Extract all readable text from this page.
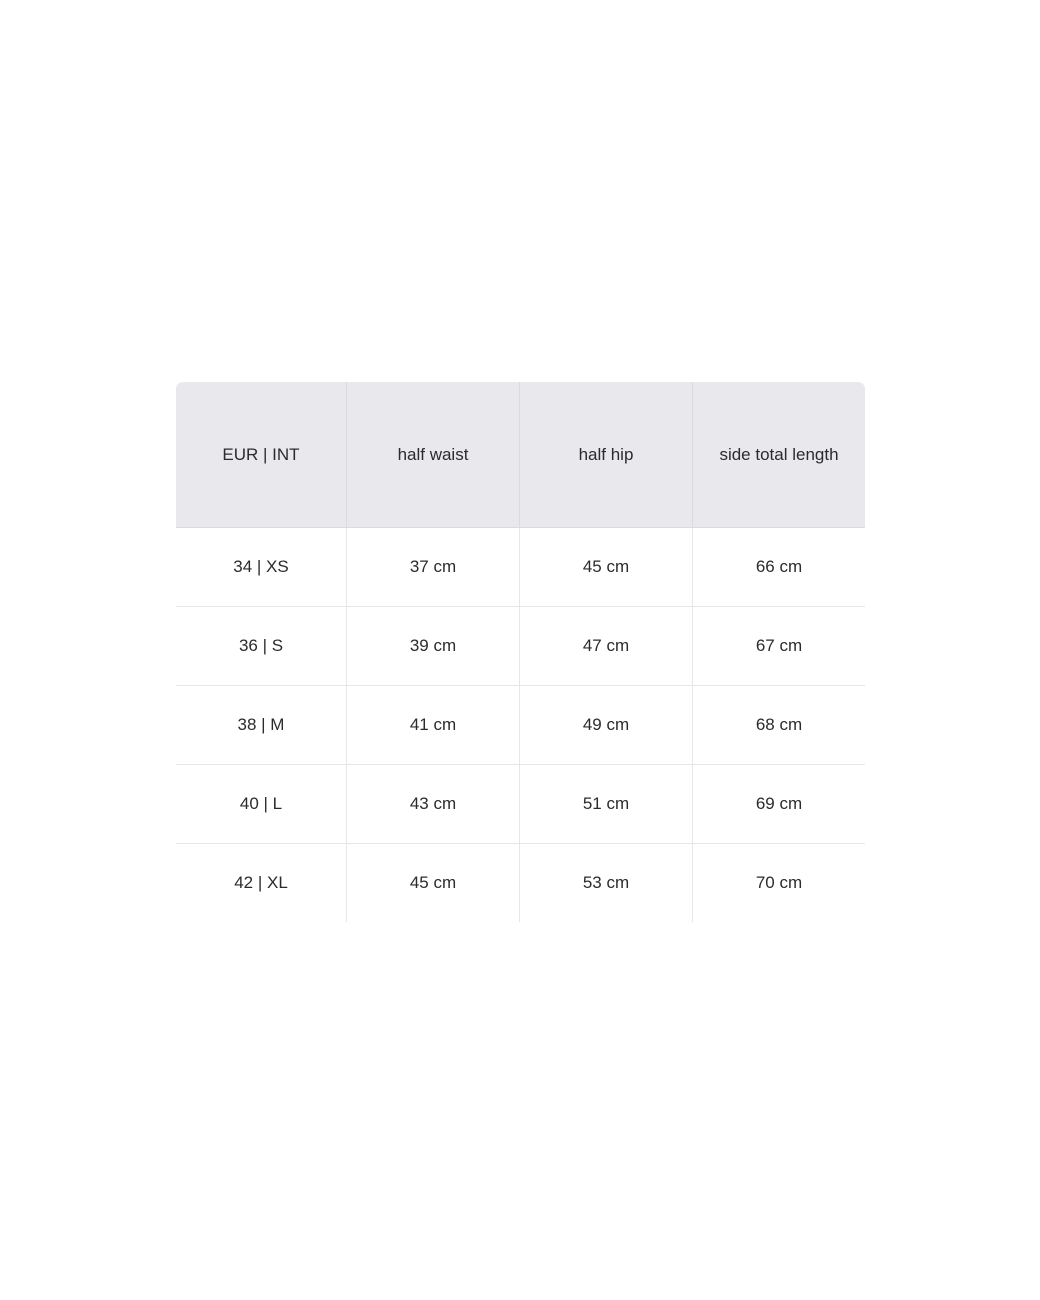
EUR | INT	half waist	half hip	side total length
34 | XS	37 cm	45 cm	66 cm
36 | S	39 cm	47 cm	67 cm
38 | M	41 cm	49 cm	68 cm
40 | L	43 cm	51 cm	69 cm
42 | XL	45 cm	53 cm	70 cm
